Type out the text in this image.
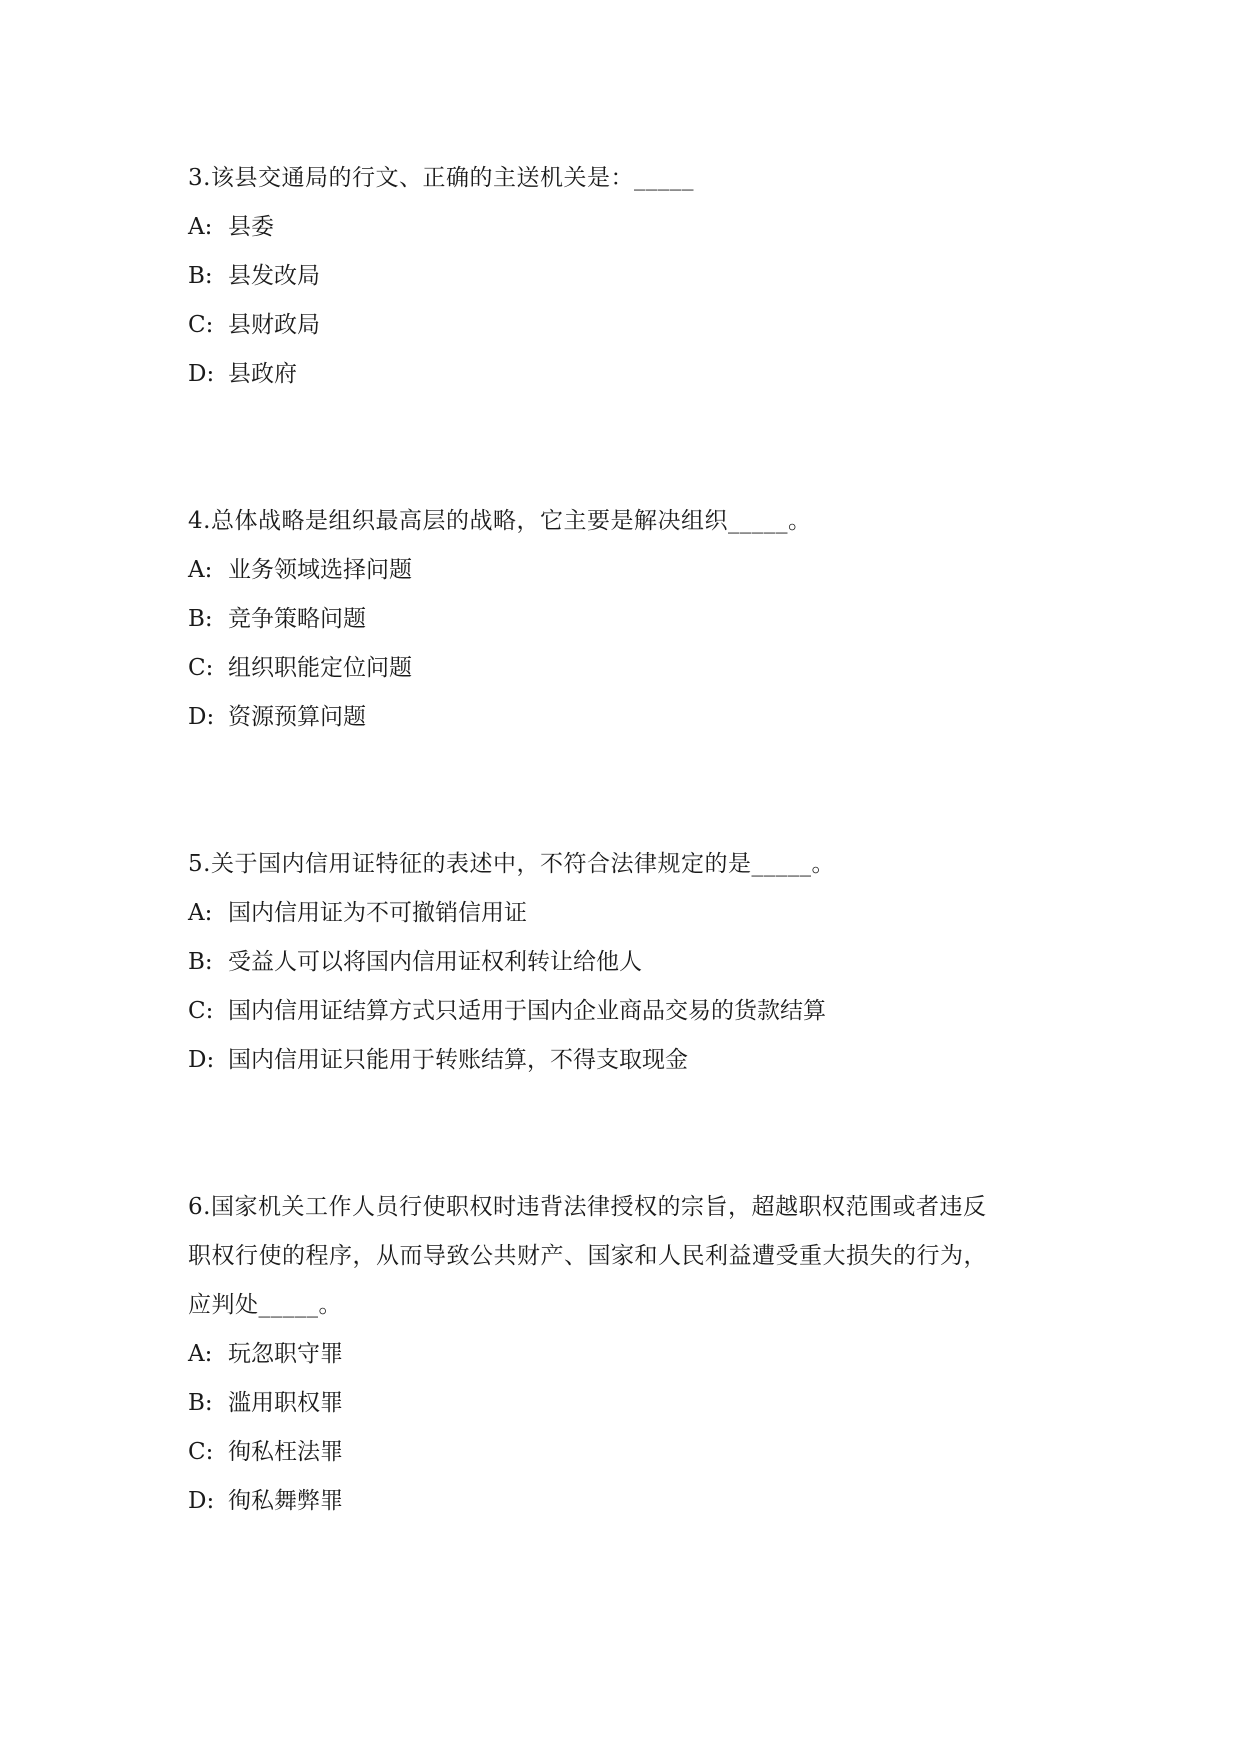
3.该县交通局的行文、正确的主送机关是：_____

A: 县委

B: 县发改局

C: 县财政局

D: 县政府

4.总体战略是组织最高层的战略，它主要是解决组织_____。

A: 业务领域选择问题

B: 竞争策略问题

C: 组织职能定位问题

D: 资源预算问题

5.关于国内信用证特征的表述中，不符合法律规定的是_____。

A: 国内信用证为不可撤销信用证

B: 受益人可以将国内信用证权利转让给他人

C: 国内信用证结算方式只适用于国内企业商品交易的货款结算

D: 国内信用证只能用于转账结算，不得支取现金

6.国家机关工作人员行使职权时违背法律授权的宗旨，超越职权范围或者违反

职权行使的程序，从而导致公共财产、国家和人民利益遭受重大损失的行为，

应判处_____。

A: 玩忽职守罪

B: 滥用职权罪

C: 徇私枉法罪

D: 徇私舞弊罪
